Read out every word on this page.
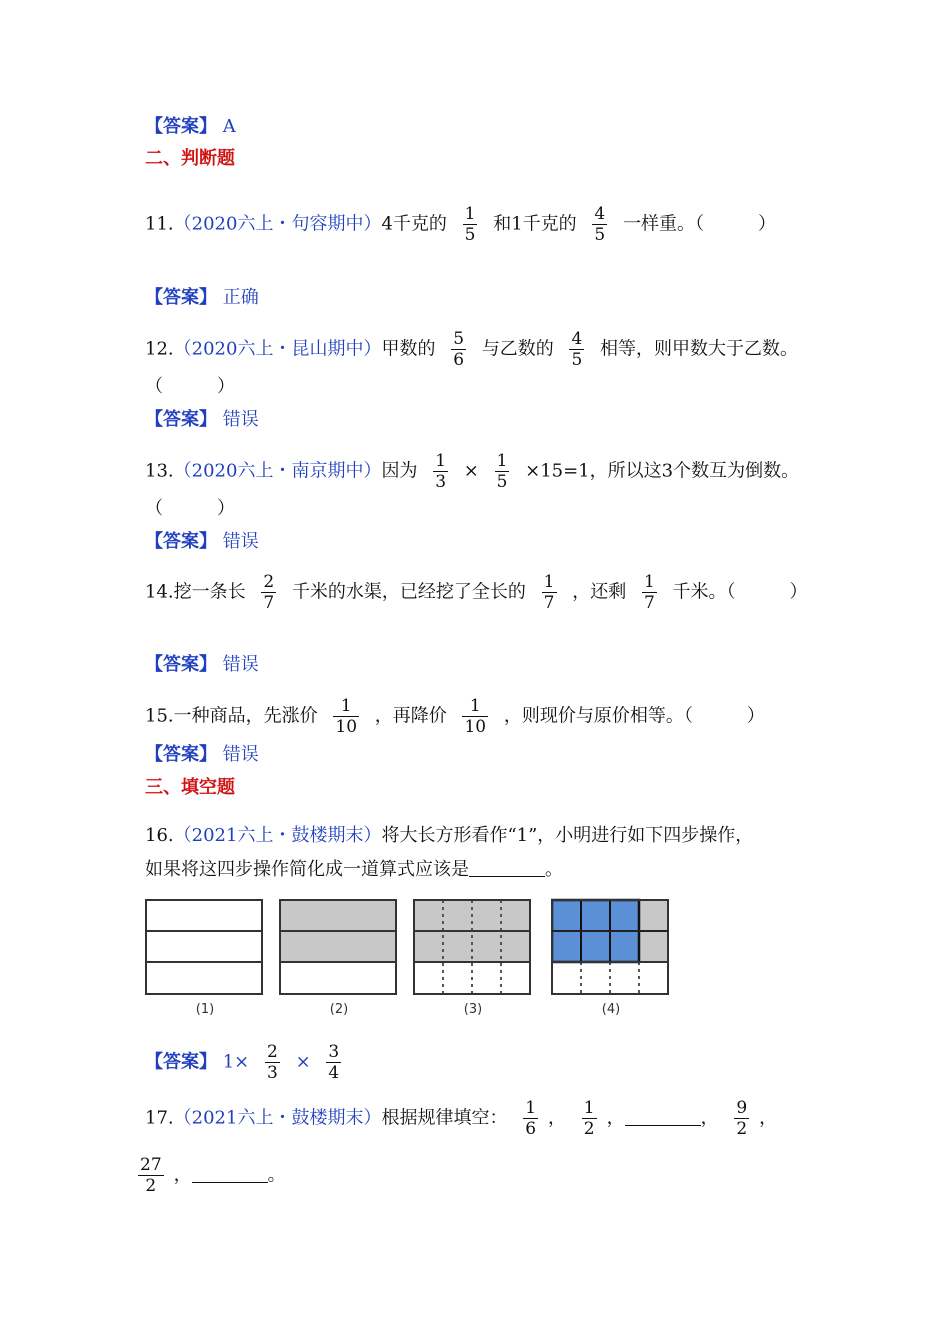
【答案】 A
二、判断题
11.（2020六上・句容期中）4千克的 $\frac{1}{5}$ 和1千克的 $\frac{4}{5}$ 一样重。（　　　）
【答案】 正确
12.（2020六上・昆山期中）甲数的 $\frac{5}{6}$ 与乙数的 $\frac{4}{5}$ 相等，则甲数大于乙数。
（　　　）
【答案】 错误
13.（2020六上・南京期中）因为 $\frac{1}{3} \times \frac{1}{5} \times 15=1$，所以这3个数互为倒数。
（　　　）
【答案】 错误
14.挖一条长 $\frac{2}{7}$ 千米的水渠，已经挖了全长的 $\frac{1}{7}$ ，还剩 $\frac{1}{7}$ 千米。（　　　）
【答案】 错误
15.一种商品，先涨价 $\frac{1}{10}$ ，再降价 $\frac{1}{10}$ ，则现价与原价相等。（　　　）
【答案】 错误
三、填空题
16.（2021六上・鼓楼期末）将大长方形看作“1”，小明进行如下四步操作，
如果将这四步操作简化成一道算式应该是	。
(1)	(2)	(3)	(4)
【答案】 $1\times \frac{2}{3} \times \frac{3}{4}$
17.（2021六上・鼓楼期末）根据规律填空： $\frac{1}{6}$ ， $\frac{1}{2}$ ，	， $\frac{9}{2}$ ，
$\frac{27}{2}$ ，	。
